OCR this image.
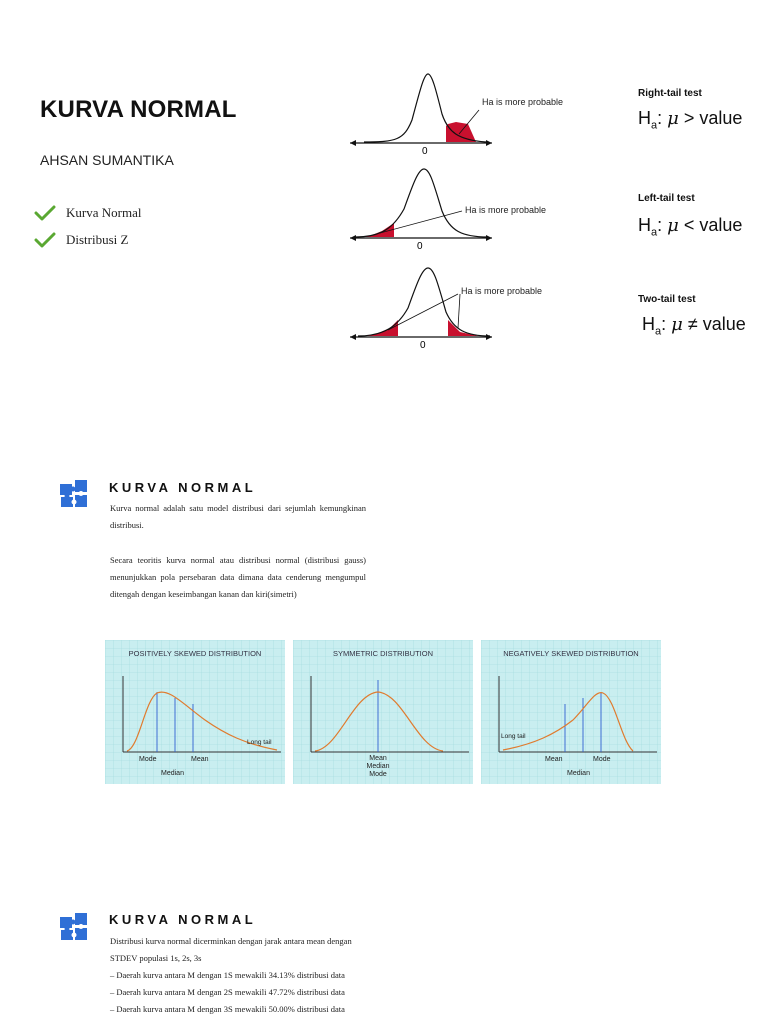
KURVA NORMAL
AHSAN SUMANTIKA
Kurva Normal
Distribusi Z
0
Ha is more probable
Right-tail test
$H_a$: μ > value
0
Ha is more probable
Left-tail test
$H_a$: μ < value
0
Ha is more probable
Two-tail test
$H_a$: μ ≠ value
KURVA NORMAL
Kurva normal adalah satu model distribusi dari sejumlah kemungkinan distribusi.
Secara teoritis kurva normal atau distribusi normal (distribusi gauss) menunjukkan pola persebaran data dimana data cenderung mengumpul ditengah dengan keseimbangan kanan dan kiri(simetri)
POSITIVELY SKEWED DISTRIBUTION
Long tail
Mode	Mean
Median
SYMMETRIC DISTRIBUTION
Mean
Median
Mode
NEGATIVELY SKEWED DISTRIBUTION
Long tail
Mean	Mode
Median
KURVA NORMAL
Distribusi kurva normal dicerminkan dengan jarak antara mean dengan
STDEV populasi 1s, 2s, 3s
– Daerah kurva antara M dengan 1S mewakili 34.13% distribusi data
– Daerah kurva antara M dengan 2S mewakili 47.72% distribusi data
– Daerah kurva antara M dengan 3S mewakili 50.00% distribusi data
